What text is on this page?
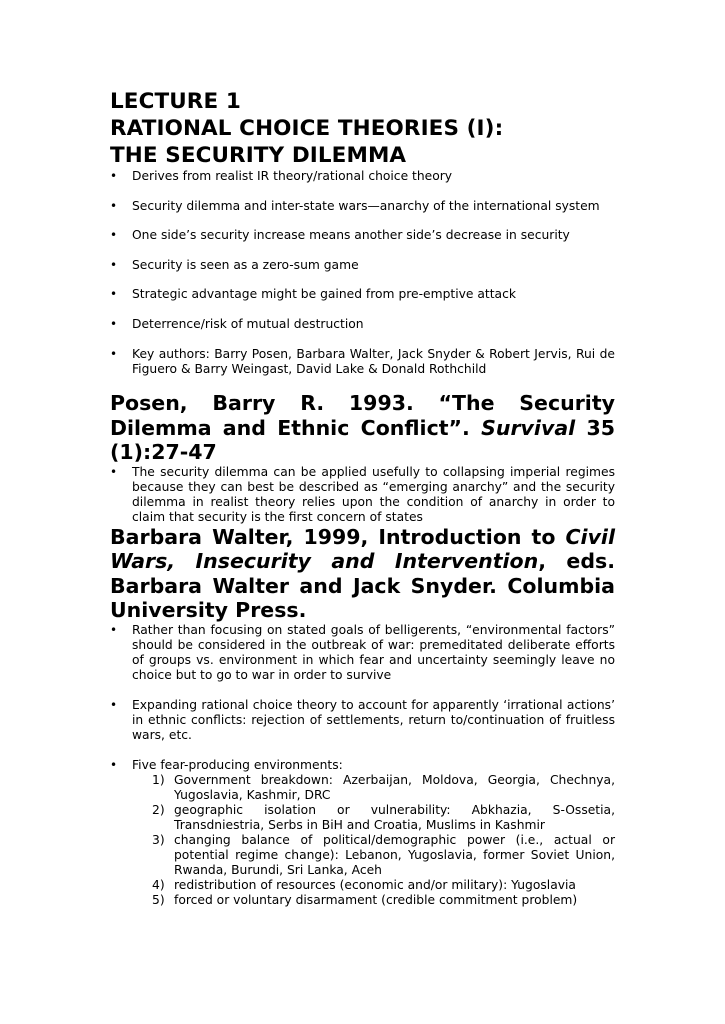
LECTURE 1
RATIONAL CHOICE THEORIES (I):
THE SECURITY DILEMMA
• Derives from realist IR theory/rational choice theory
• Security dilemma and inter-state wars—anarchy of the international system
• One side’s security increase means another side’s decrease in security
• Security is seen as a zero-sum game
• Strategic advantage might be gained from pre-emptive attack
• Deterrence/risk of mutual destruction
• Key authors: Barry Posen, Barbara Walter, Jack Snyder & Robert Jervis, Rui de Figuero & Barry Weingast, David Lake & Donald Rothchild
Posen, Barry R. 1993. “The Security Dilemma and Ethnic Conflict”. Survival 35 (1):27-47
• The security dilemma can be applied usefully to collapsing imperial regimes because they can best be described as “emerging anarchy” and the security dilemma in realist theory relies upon the condition of anarchy in order to claim that security is the first concern of states
Barbara Walter, 1999, Introduction to Civil Wars, Insecurity and Intervention, eds. Barbara Walter and Jack Snyder. Columbia University Press.
• Rather than focusing on stated goals of belligerents, “environmental factors” should be considered in the outbreak of war: premeditated deliberate efforts of groups vs. environment in which fear and uncertainty seemingly leave no choice but to go to war in order to survive
• Expanding rational choice theory to account for apparently ‘irrational actions’ in ethnic conflicts: rejection of settlements, return to/continuation of fruitless wars, etc.
• Five fear-producing environments:
1) Government breakdown: Azerbaijan, Moldova, Georgia, Chechnya, Yugoslavia, Kashmir, DRC
2) geographic isolation or vulnerability: Abkhazia, S-Ossetia, Transdniestria, Serbs in BiH and Croatia, Muslims in Kashmir
3) changing balance of political/demographic power (i.e., actual or potential regime change): Lebanon, Yugoslavia, former Soviet Union, Rwanda, Burundi, Sri Lanka, Aceh
4) redistribution of resources (economic and/or military): Yugoslavia
5) forced or voluntary disarmament (credible commitment problem)
